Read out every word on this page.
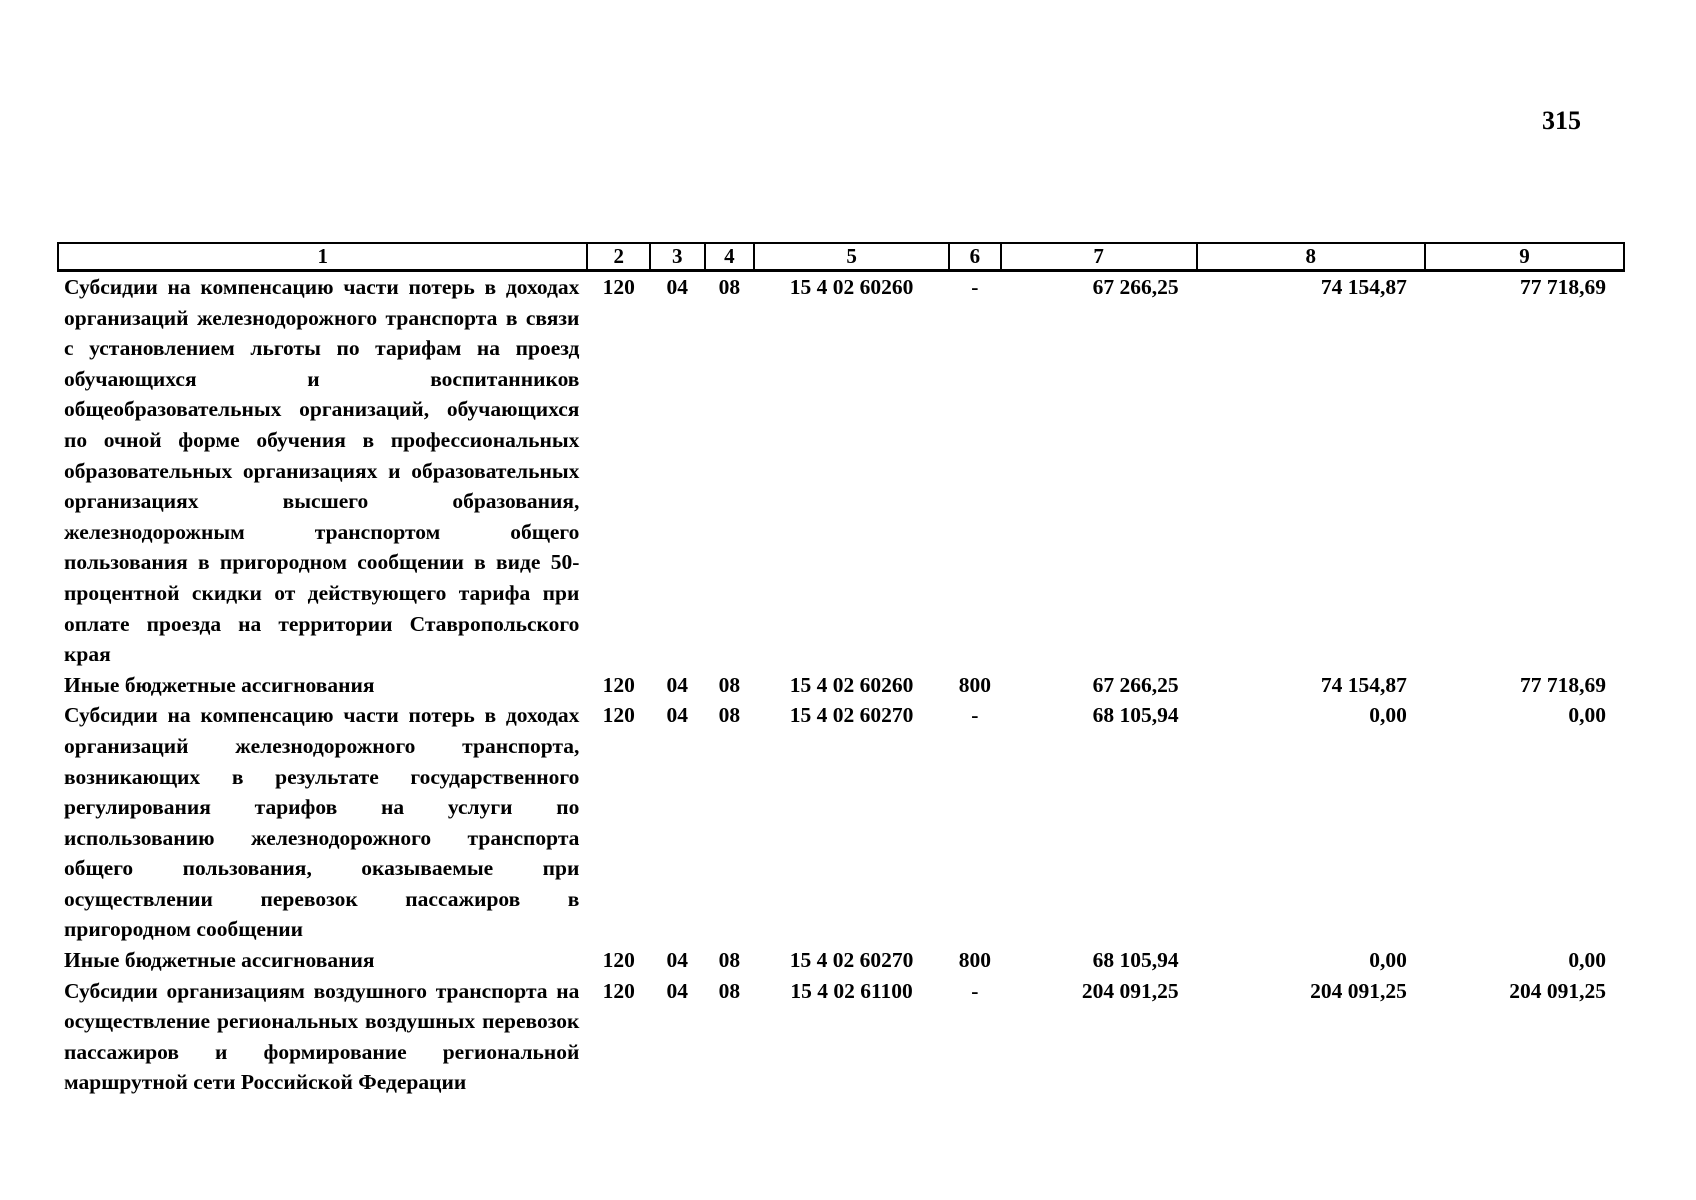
315
1	2	3	4	5	6	7	8	9
Субсидии на компенсацию части потерь в доходах организаций железнодорожного транспорта в связи с установлением льготы по тарифам на проезд обучающихся и воспитанников общеобразовательных организаций, обучающихся по очной форме обучения в профессиональных образовательных организациях и образовательных организациях высшего образования, железнодорожным транспортом общего пользования в пригородном сообщении в виде 50-процентной скидки от действующего тарифа при оплате проезда на территории Ставропольского края	120	04	08	15 4 02 60260	-	67 266,25	74 154,87	77 718,69
Иные бюджетные ассигнования	120	04	08	15 4 02 60260	800	67 266,25	74 154,87	77 718,69
Субсидии на компенсацию части потерь в доходах организаций железнодорожного транспорта, возникающих в результате государственного регулирования тарифов на услуги по использованию железнодорожного транспорта общего пользования, оказываемые при осуществлении перевозок пассажиров в пригородном сообщении	120	04	08	15 4 02 60270	-	68 105,94	0,00	0,00
Иные бюджетные ассигнования	120	04	08	15 4 02 60270	800	68 105,94	0,00	0,00
Субсидии организациям воздушного транспорта на осуществление региональных воздушных перевозок пассажиров и формирование региональной маршрутной сети Российской Федерации	120	04	08	15 4 02 61100	-	204 091,25	204 091,25	204 091,25
